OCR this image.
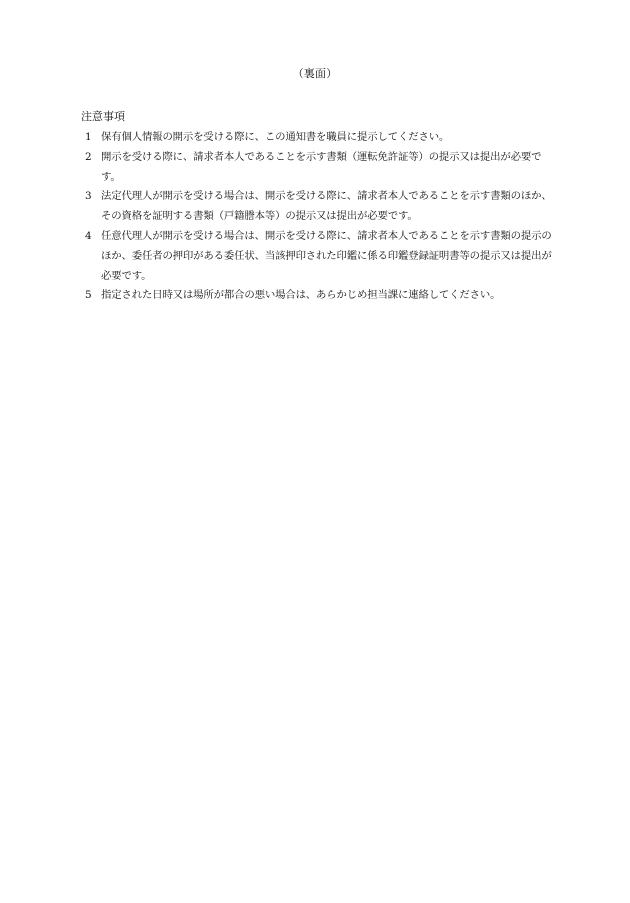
（裏面）
注意事項
1 保有個人情報の開示を受ける際に、この通知書を職員に提示してください。
2 開示を受ける際に、請求者本人であることを示す書類（運転免許証等）の提示又は提出が必要です。
3 法定代理人が開示を受ける場合は、開示を受ける際に、請求者本人であることを示す書類のほか、その資格を証明する書類（戸籍謄本等）の提示又は提出が必要です。
4 任意代理人が開示を受ける場合は、開示を受ける際に、請求者本人であることを示す書類の提示のほか、委任者の押印がある委任状、当該押印された印鑑に係る印鑑登録証明書等の提示又は提出が必要です。
5 指定された日時又は場所が都合の悪い場合は、あらかじめ担当課に連絡してください。
